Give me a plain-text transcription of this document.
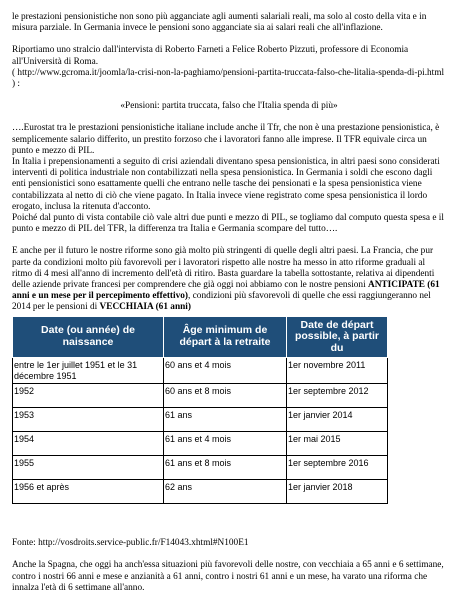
le prestazioni pensionistiche non sono più agganciate agli aumenti salariali reali, ma solo al costo della vita e in misura parziale. In Germania invece le pensioni sono agganciate sia ai salari reali che all'inflazione.

Riportiamo uno stralcio dall'intervista di Roberto Farneti a Felice Roberto Pizzuti, professore di Economia all'Università di Roma.

( http://www.gcroma.it/joomla/la-crisi-non-la-paghiamo/pensioni-partita-truccata-falso-che-litalia-spenda-di-pi.html ) :

«Pensioni: partita truccata, falso che l'Italia spenda di più»

….Eurostat tra le prestazioni pensionistiche italiane include anche il Tfr, che non è una prestazione pensionistica, è semplicemente salario differito, un prestito forzoso che i lavoratori fanno alle imprese. Il TFR equivale circa un punto e mezzo di PIL.

In Italia i prepensionamenti a seguito di crisi aziendali diventano spesa pensionistica, in altri paesi sono considerati interventi di politica industriale non contabilizzati nella spesa pensionistica. In Germania i soldi che escono dagli enti pensionistici sono esattamente quelli che entrano nelle tasche dei pensionati e la spesa pensionistica viene contabilizzata al netto di ciò che viene pagato. In Italia invece viene registrato come spesa pensionistica il lordo erogato, inclusa la ritenuta d'acconto.

Poiché dal punto di vista contabile ciò vale altri due punti e mezzo di PIL, se togliamo dal computo questa spesa e il punto e mezzo di PIL del TFR, la differenza tra Italia e Germania scompare del tutto….

E anche per il futuro le nostre riforme sono già molto più stringenti di quelle degli altri paesi. La Francia, che pur parte da condizioni molto più favorevoli per i lavoratori rispetto alle nostre ha messo in atto riforme graduali al ritmo di 4 mesi all'anno di incremento dell'età di ritiro. Basta guardare la tabella sottostante, relativa ai dipendenti delle aziende private francesi per comprendere che già oggi noi abbiamo con le nostre pensioni ANTICIPATE (61 anni e un mese per il percepimento effettivo), condizioni più sfavorevoli di quelle che essi raggiungeranno nel 2014 per le pensioni di VECCHIAIA (61 anni)

Date (ou année) de naissance	Âge minimum de départ à la retraite	Date de départ possible, à partir du
entre le 1er juillet 1951 et le 31 décembre 1951	60 ans et 4 mois	1er novembre 2011
1952	60 ans et 8 mois	1er septembre 2012
1953	61 ans	1er janvier 2014
1954	61 ans et 4 mois	1er mai 2015
1955	61 ans et 8 mois	1er septembre 2016
1956 et après	62 ans	1er janvier 2018

Fonte: http://vosdroits.service-public.fr/F14043.xhtml#N100E1

Anche la Spagna, che oggi ha anch'essa situazioni più favorevoli delle nostre, con vecchiaia a 65 anni e 6 settimane, contro i nostri 66 anni e mese e anzianità a 61 anni, contro i nostri 61 anni e un mese, ha varato una riforma che innalza l'età di 6 settimane all'anno.
